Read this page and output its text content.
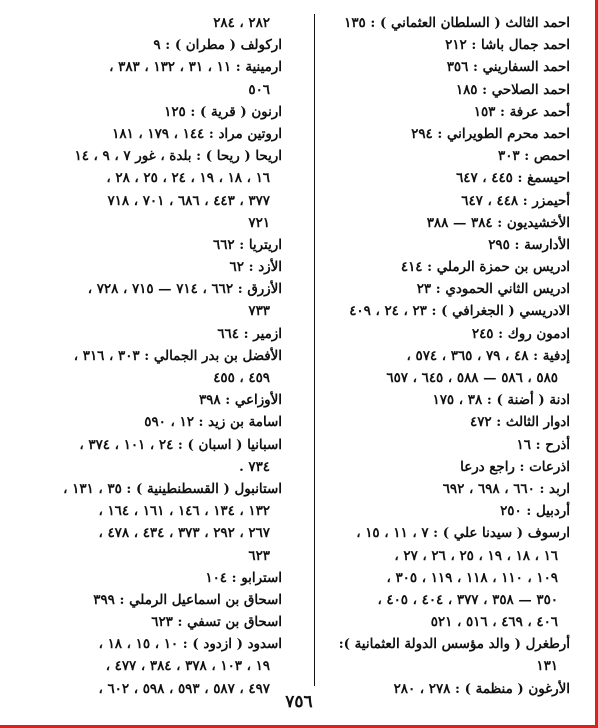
احمد الثالث ( السلطان العثماني ) : ١٣٥
احمد جمال باشا : ٢١٢
احمد السفاريني : ٣٥٦
احمد الصلاحي : ١٨٥
أحمد عرفة : ١٥٣
احمد محرم الطويراني : ٢٩٤
احمص : ٣٠٣
احيسمغ : ٤٤٥ ، ٦٤٧
أحيمزر : ٤٤٨ ، ٦٤٧
الأخشيديون : ٣٨٤ — ٣٨٨
الأدارسة : ٢٩٥
ادريس بن حمزة الرملي : ٤١٤
ادريس الثاني الحمودي : ٢٣
الادريسي ( الجغرافي ) : ٢٣ ، ٢٤ ، ٤٠٩
ادمون روك : ٢٤٥
إدفية : ٤٨ ، ٧٩ ، ٣٦٥ ، ٥٧٤ ،
٥٨٥ ، ٥٨٦ — ٥٨٨ ، ٦٤٥ ، ٦٥٧
ادنة ( أضنة ) : ٣٨ ، ١٧٥
ادوار الثالث : ٤٧٢
أذرح : ١٦
اذرعات : راجع درعا
اربد : ٦٦٠ ، ٦٩٨ ، ٦٩٢
أردبيل : ٢٥٠
ارسوف ( سيدنا علي ) : ٧ ، ١١ ، ١٥ ،
١٦ ، ١٨ ، ١٩ ، ٢٥ ، ٢٦ ، ٢٧ ،
١٠٩ ، ١١٠ ، ١١٨ ، ١١٩ ، ٣٠٥ ،
٣٥٠ — ٣٥٨ ، ٣٧٧ ، ٤٠٤ ، ٤٠٥ ،
٤٠٦ ، ٤٦٩ ، ٥١٦ ، ٥٢١
أرطغرل ( والد مؤسس الدولة العثمانية ):
١٣١
الأرغون ( منظمة ) : ٢٧٨ ، ٢٨٠
٢٨٢ ، ٢٨٤
اركولف ( مطران ) : ٩
ارمينية : ١١ ، ٣١ ، ١٣٢ ، ٣٨٣ ،
٥٠٦
ارنون ( قرية ) : ١٢٥
اروتين مراد : ١٤٤ ، ١٧٩ ، ١٨١
اريحا ( ريحا ) : بلدة ، غور ٧ ، ٩ ، ١٤
١٦ ، ١٨ ، ١٩ ، ٢٤ ، ٢٥ ، ٢٨ ،
٣٧٧ ، ٤٤٣ ، ٦٨٦ ، ٧٠١ ، ٧١٨
٧٢١
اريتريا : ٦٦٢
الأزد : ٦٢
الأزرق : ٦٦٢ ، ٧١٤ — ٧١٥ ، ٧٢٨ ،
٧٣٣
ازمير : ٦٦٤
الأفضل بن بدر الجمالي : ٣٠٣ ، ٣١٦ ،
٤٥٩ ، ٤٥٥
الأوزاعي : ٣٩٨
اسامة بن زيد : ١٢ ، ٥٩٠
اسبانيا ( اسبان ) : ٢٤ ، ١٠١ ، ٣٧٤ ،
٧٣٤ .
استانبول ( القسطنطينية ) : ٣٥ ، ١٣١ ،
١٣٢ ، ١٣٤ ، ١٤٦ ، ١٦١ ، ١٦٤ ،
٢٦٧ ، ٢٩٢ ، ٣٧٣ ، ٤٣٤ ، ٤٧٨ ،
٦٢٣
استرابو : ١٠٤
اسحاق بن اسماعيل الرملي : ٣٩٩
اسحاق بن تسفي : ٦٢٣
اسدود ( ازدود ) : ١٠ ، ١٥ ، ١٨ ،
١٩ ، ١٠٣ ، ٣٧٨ ، ٣٨٤ ، ٤٧٧ ،
٤٩٧ ، ٥٨٧ ، ٥٩٣ ، ٥٩٨ ، ٦٠٢ ،
٧٥٦
